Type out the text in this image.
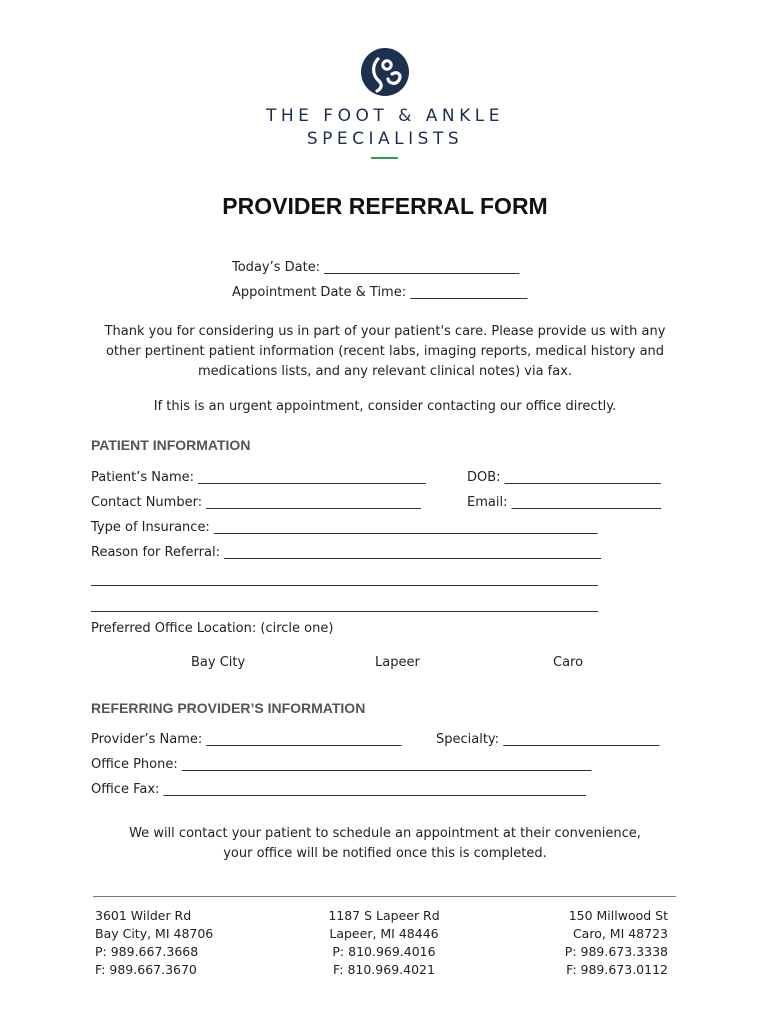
THE FOOT & ANKLE
SPECIALISTS
PROVIDER REFERRAL FORM
Today’s Date: ______________________________
Appointment Date & Time: __________________
Thank you for considering us in part of your patient's care. Please provide us with any other pertinent patient information (recent labs, imaging reports, medical history and medications lists, and any relevant clinical notes) via fax.
If this is an urgent appointment, consider contacting our office directly.
PATIENT INFORMATION
Patient’s Name: ___________________________________	DOB: ________________________
Contact Number: _________________________________	Email: _______________________
Type of Insurance: ___________________________________________________________
Reason for Referral: __________________________________________________________
______________________________________________________________________________
______________________________________________________________________________
Preferred Office Location: (circle one)
Bay City	Lapeer	Caro
REFERRING PROVIDER’S INFORMATION
Provider’s Name: ______________________________	Specialty: ________________________
Office Phone: _______________________________________________________________
Office Fax: _________________________________________________________________
We will contact your patient to schedule an appointment at their convenience,
your office will be notified once this is completed.
3601 Wilder Rd
Bay City, MI 48706
P: 989.667.3668
F: 989.667.3670
1187 S Lapeer Rd
Lapeer, MI 48446
P: 810.969.4016
F: 810.969.4021
150 Millwood St
Caro, MI 48723
P: 989.673.3338
F: 989.673.0112
